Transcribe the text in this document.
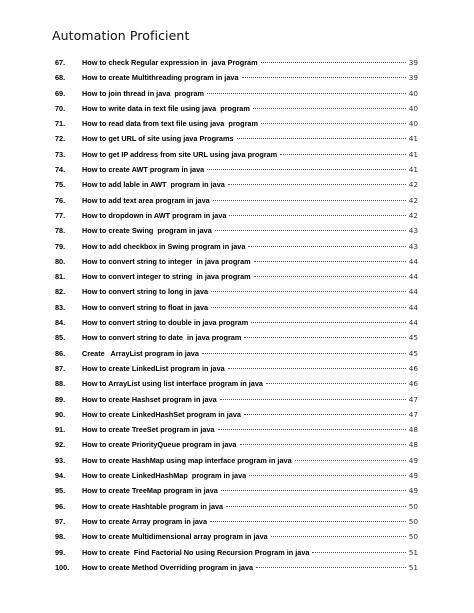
Automation Proficient
67. How to check Regular expression in  java Program	39
68. How to create Multithreading program in java	39
69. How to join thread in java  program	40
70. How to write data in text file using java  program	40
71. How to read data from text file using java  program	40
72. How to get URL of site using java Programs	41
73. How to get IP address from site URL using java program	41
74. How to create AWT program in java	41
75. How to add lable in AWT  program in java	42
76. How to add text area program in java	42
77. How to dropdown in AWT program in java	42
78. How to create Swing  program in java	43
79. How to add checkbox in Swing program in java	43
80. How to convert string to integer  in java program	44
81. How to convert integer to string  in java program	44
82. How to convert string to long in java	44
83. How to convert string to float in java	44
84. How to convert string to double in java program	44
85. How to convert string to date  in java program	45
86. Create   ArrayList program in java	45
87. How to create LinkedList program in java	46
88. How to ArrayList using list interface program in java	46
89. How to create Hashset program in java	47
90. How to create LinkedHashSet program in java	47
91. How to create TreeSet program in java	48
92. How to create PriorityQueue program in java	48
93. How to create HashMap using map interface program in java	49
94. How to create LinkedHashMap  program in java	49
95. How to create TreeMap program in java	49
96. How to create Hashtable program in java	50
97. How to create Array program in java	50
98. How to create Multidimensional array program in java	50
99. How to create  Find Factorial No using Recursion Program in java	51
100. How to create Method Overriding program in java	51
